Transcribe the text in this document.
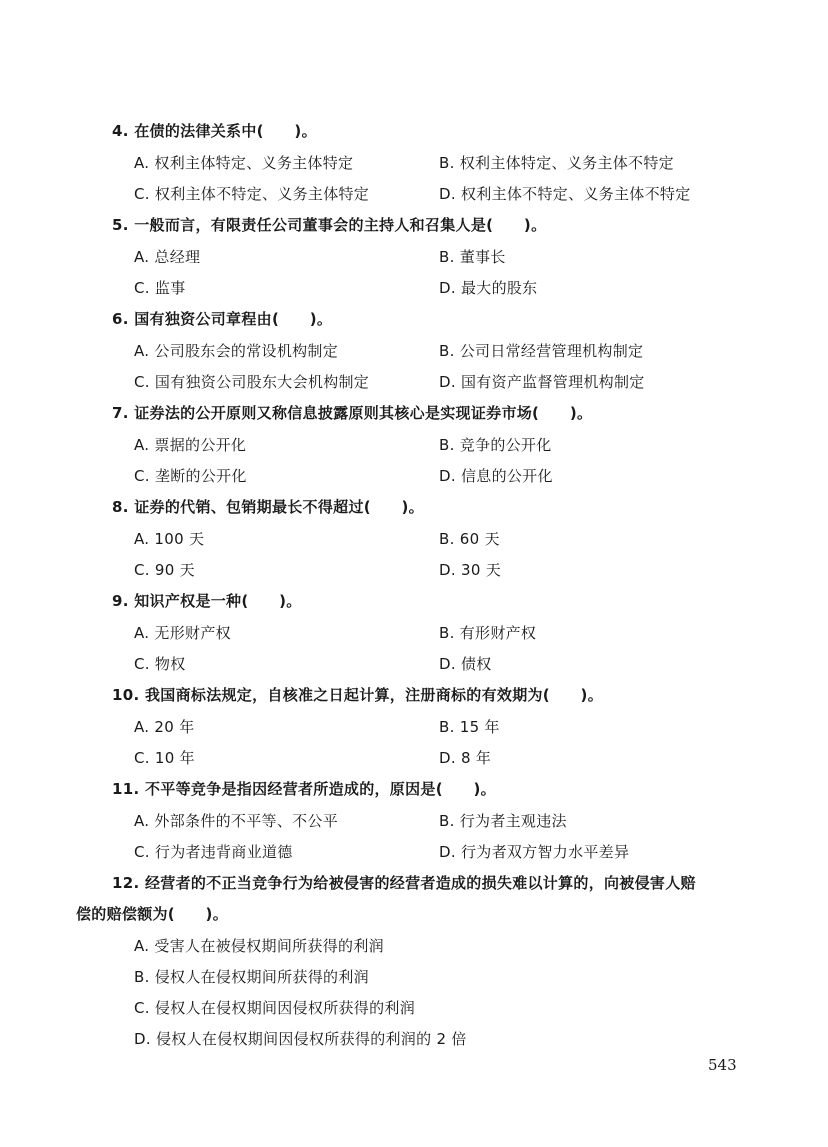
4. 在债的法律关系中(　　)。
A. 权利主体特定、义务主体特定	B. 权利主体特定、义务主体不特定
C. 权利主体不特定、义务主体特定	D. 权利主体不特定、义务主体不特定
5. 一般而言，有限责任公司董事会的主持人和召集人是(　　)。
A. 总经理	B. 董事长
C. 监事	D. 最大的股东
6. 国有独资公司章程由(　　)。
A. 公司股东会的常设机构制定	B. 公司日常经营管理机构制定
C. 国有独资公司股东大会机构制定	D. 国有资产监督管理机构制定
7. 证券法的公开原则又称信息披露原则其核心是实现证券市场(　　)。
A. 票据的公开化	B. 竞争的公开化
C. 垄断的公开化	D. 信息的公开化
8. 证券的代销、包销期最长不得超过(　　)。
A. 100 天	B. 60 天
C. 90 天	D. 30 天
9. 知识产权是一种(　　)。
A. 无形财产权	B. 有形财产权
C. 物权	D. 债权
10. 我国商标法规定，自核准之日起计算，注册商标的有效期为(　　)。
A. 20 年	B. 15 年
C. 10 年	D. 8 年
11. 不平等竞争是指因经营者所造成的，原因是(　　)。
A. 外部条件的不平等、不公平	B. 行为者主观违法
C. 行为者违背商业道德	D. 行为者双方智力水平差异
12. 经营者的不正当竞争行为给被侵害的经营者造成的损失难以计算的，向被侵害人赔
偿的赔偿额为(　　)。
A. 受害人在被侵权期间所获得的利润
B. 侵权人在侵权期间所获得的利润
C. 侵权人在侵权期间因侵权所获得的利润
D. 侵权人在侵权期间因侵权所获得的利润的 2 倍
543
